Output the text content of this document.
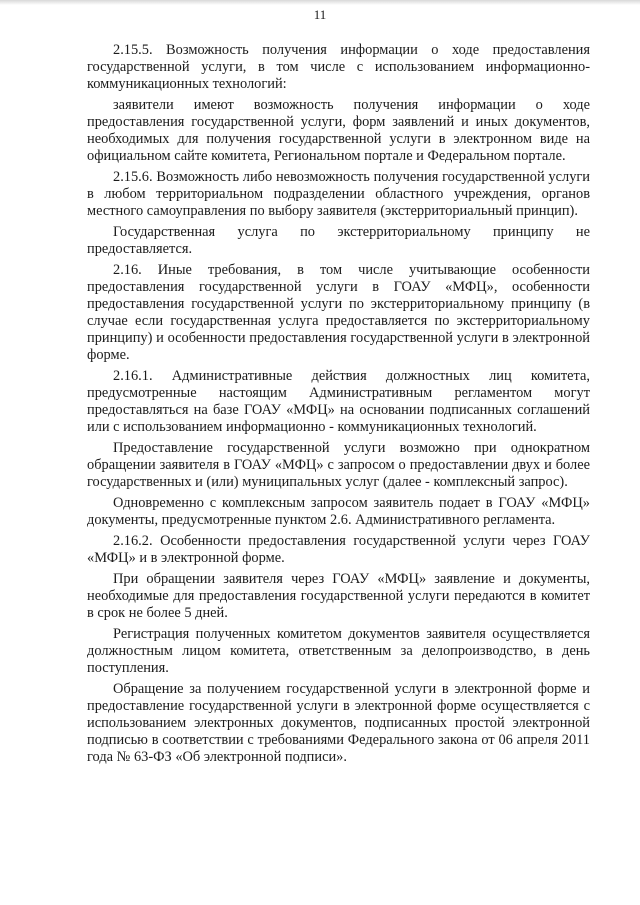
11

2.15.5. Возможность получения информации о ходе предоставления государственной услуги, в том числе с использованием информационно-коммуникационных технологий:

заявители имеют возможность получения информации о ходе предоставления государственной услуги, форм заявлений и иных документов, необходимых для получения государственной услуги в электронном виде на официальном сайте комитета, Региональном портале и Федеральном портале.

2.15.6. Возможность либо невозможность получения государственной услуги в любом территориальном подразделении областного учреждения, органов местного самоуправления по выбору заявителя (экстерриториальный принцип).

Государственная услуга по экстерриториальному принципу не предоставляется.

2.16. Иные требования, в том числе учитывающие особенности предоставления государственной услуги в ГОАУ «МФЦ», особенности предоставления государственной услуги по экстерриториальному принципу (в случае если государственная услуга предоставляется по экстерриториальному принципу) и особенности предоставления государственной услуги в электронной форме.

2.16.1. Административные действия должностных лиц комитета, предусмотренные настоящим Административным регламентом могут предоставляться на базе ГОАУ «МФЦ» на основании подписанных соглашений или с использованием информационно - коммуникационных технологий.

Предоставление государственной услуги возможно при однократном обращении заявителя в ГОАУ «МФЦ» с запросом о предоставлении двух и более государственных и (или) муниципальных услуг (далее - комплексный запрос).

Одновременно с комплексным запросом заявитель подает в ГОАУ «МФЦ» документы, предусмотренные пунктом 2.6. Административного регламента.

2.16.2. Особенности предоставления государственной услуги через ГОАУ «МФЦ» и в электронной форме.

При обращении заявителя через ГОАУ «МФЦ» заявление и документы, необходимые для предоставления государственной услуги передаются в комитет в срок не более 5 дней.

Регистрация полученных комитетом документов заявителя осуществляется должностным лицом комитета, ответственным за делопроизводство, в день поступления.

Обращение за получением государственной услуги в электронной форме и предоставление государственной услуги в электронной форме осуществляется с использованием электронных документов, подписанных простой электронной подписью в соответствии с требованиями Федерального закона от 06 апреля 2011 года № 63-ФЗ «Об электронной подписи».
